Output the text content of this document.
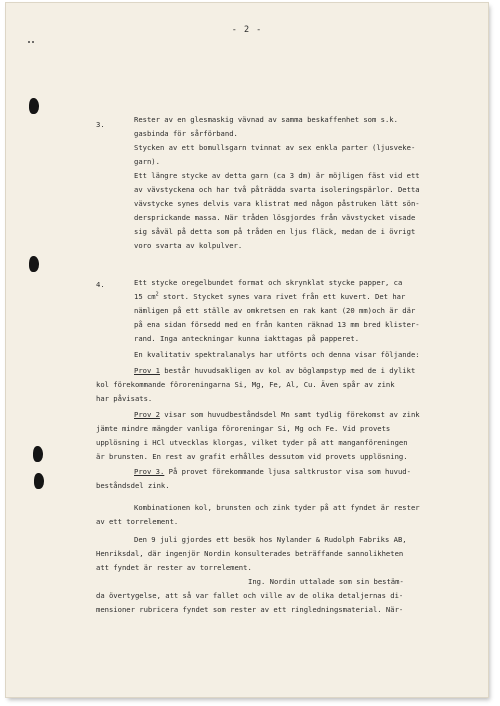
- 2 -
3.
Rester av en glesmaskig vävnad av samma beskaffenhet som s.k.
gasbinda för sårförband.
Stycken av ett bomullsgarn tvinnat av sex enkla parter (ljusveke-
garn).
Ett längre stycke av detta garn (ca 3 dm) är möjligen fäst vid ett
av vävstyckena och har två påträdda svarta isoleringspärlor. Detta
vävstycke synes delvis vara klistrat med någon påstruken lätt sön-
dersprickande massa. När tråden lösgjordes från vävstycket visade
sig såväl på detta som på tråden en ljus fläck, medan de i övrigt
voro svarta av kolpulver.
4.	Ett stycke oregelbundet format och skrynklat stycke papper, ca
15 $cm^2$ stort. Stycket synes vara rivet från ett kuvert. Det har
nämligen på ett ställe av omkretsen en rak kant (20 mm)och är där
på ena sidan försedd med en från kanten räknad 13 mm bred klister-
rand. Inga anteckningar kunna iakttagas på papperet.
En kvalitativ spektralanalys har utförts och denna visar följande:
Prov 1 består huvudsakligen av kol av böglampstyp med de i dylikt
kol förekommande föroreningarna Si, Mg, Fe, Al, Cu. Även spår av zink
har påvisats.
Prov 2 visar som huvudbeståndsdel Mn samt tydlig förekomst av zink
jämte mindre mängder vanliga föroreningar Si, Mg och Fe. Vid provets
upplösning i HCl utvecklas klorgas, vilket tyder på att manganföreningen
är brunsten. En rest av grafit erhålles dessutom vid provets upplösning.
Prov 3. På provet förekommande ljusa saltkrustor visa som huvud-
beståndsdel zink.
Kombinationen kol, brunsten och zink tyder på att fyndet är rester
av ett torrelement.
Den 9 juli gjordes ett besök hos Nylander & Rudolph Fabriks AB,
Henriksdal, där ingenjör Nordin konsulterades beträffande sannolikheten
att fyndet är rester av torrelement.
Ing. Nordin uttalade som sin bestäm-
da övertygelse, att så var fallet och ville av de olika detaljernas di-
mensioner rubricera fyndet som rester av ett ringledningsmaterial. När-
